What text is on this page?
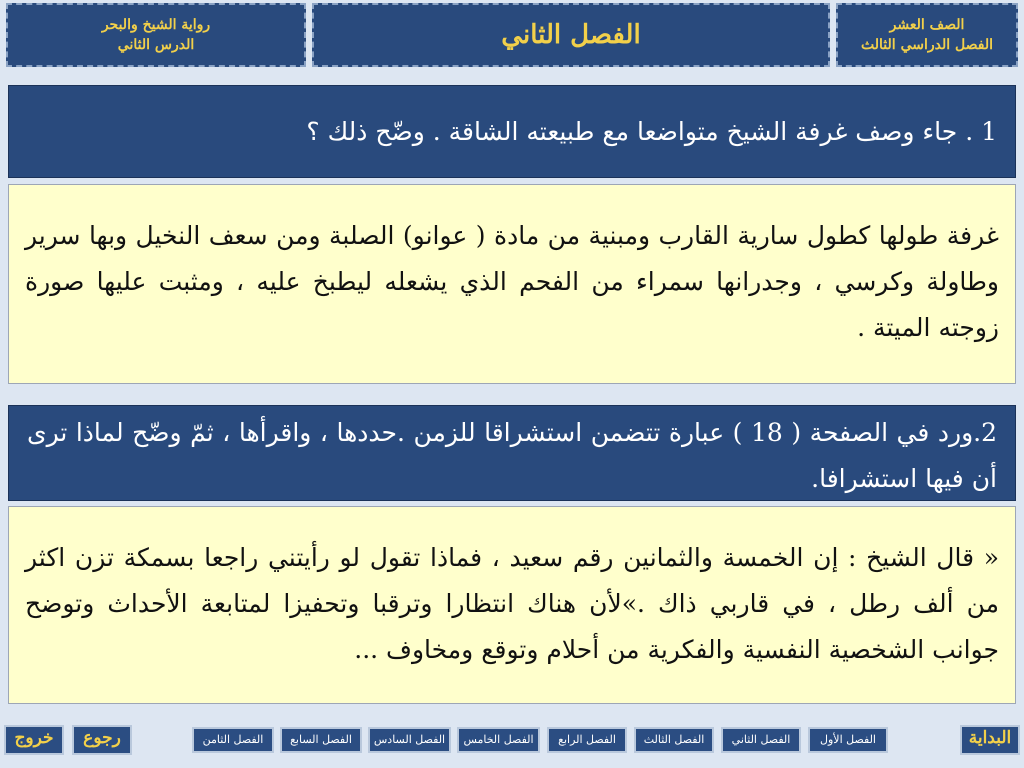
الصف العشر
الفصل الدراسي الثالث
الفصل الثاني
رواية الشيخ والبحر
الدرس الثاني
1 . جاء وصف غرفة الشيخ متواضعا مع طبيعته الشاقة . وضّح ذلك ؟
غرفة طولها كطول سارية القارب ومبنية من مادة ( عوانو) الصلبة ومن سعف النخيل وبها سرير وطاولة وكرسي ، وجدرانها سمراء من الفحم الذي يشعله ليطبخ عليه ، ومثبت عليها صورة زوجته الميتة .
2.ورد في الصفحة ( 18 ) عبارة تتضمن استشراقا للزمن .حددها ، واقرأها ، ثمّ وضّح لماذا ترى أن فيها استشرافا.
« قال الشيخ : إن الخمسة والثمانين رقم سعيد ، فماذا تقول لو رأيتني راجعا بسمكة تزن اكثر من ألف رطل ، في قاربي ذاك .»لأن هناك انتظارا وترقبا وتحفيزا لمتابعة الأحداث وتوضح جوانب الشخصية النفسية والفكرية من أحلام وتوقع ومخاوف ...
البداية
الفصل الأول
الفصل الثاني
الفصل الثالث
الفصل الرابع
الفصل الخامس
الفصل السادس
الفصل السابع
الفصل الثامن
رجوع
خروج
